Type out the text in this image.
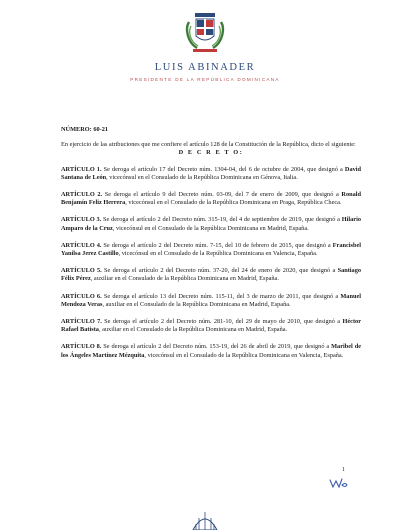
LUIS ABINADER
PRESIDENTE DE LA REPÚBLICA DOMINICANA

NÚMERO: 60-21

En ejercicio de las atribuciones que me confiere el artículo 128 de la Constitución de la República, dicto el siguiente:

D E C R E T O:

ARTÍCULO 1. Se deroga el artículo 17 del Decreto núm. 1304-04, del 6 de octubre de 2004, que designó a David Santana de León, vicecónsul en el Consulado de la República Dominicana en Génova, Italia.

ARTÍCULO 2. Se deroga el artículo 9 del Decreto núm. 03-09, del 7 de enero de 2009, que designó a Ronald Benjamín Feliz Herrera, vicecónsul en el Consulado de la República Dominicana en Praga, República Checa.

ARTÍCULO 3. Se deroga el artículo 2 del Decreto núm. 315-19, del 4 de septiembre de 2019, que designó a Hilario Amparo de la Cruz, vicecónsul en el Consulado de la República Dominicana en Madrid, España.

ARTÍCULO 4. Se deroga el artículo 2 del Decreto núm. 7-15, del 10 de febrero de 2015, que designó a Francisbel Yanilsa Jerez Castillo, vicecónsul en el Consulado de la República Dominicana en Valencia, España.

ARTÍCULO 5. Se deroga el artículo 2 del Decreto núm. 37-20, del 24 de enero de 2020, que designó a Santiago Félix Pérez, auxiliar en el Consulado de la República Dominicana en Madrid, España.

ARTÍCULO 6. Se deroga el artículo 13 del Decreto núm. 115-11, del 3 de marzo de 2011, que designó a Manuel Mendoza Veras, auxiliar en el Consulado de la República Dominicana en Madrid, España.

ARTÍCULO 7. Se deroga el artículo 2 del Decreto núm. 281-10, del 29 de mayo de 2010, que designó a Héctor Rafael Batista, auxiliar en el Consulado de la República Dominicana en Madrid, España.

ARTÍCULO 8. Se deroga el artículo 2 del Decreto núm. 153-19, del 26 de abril de 2019, que designó a Maribel de los Ángeles Martínez Mézquita, vicecónsul en el Consulado de la República Dominicana en Valencia, España.

1
